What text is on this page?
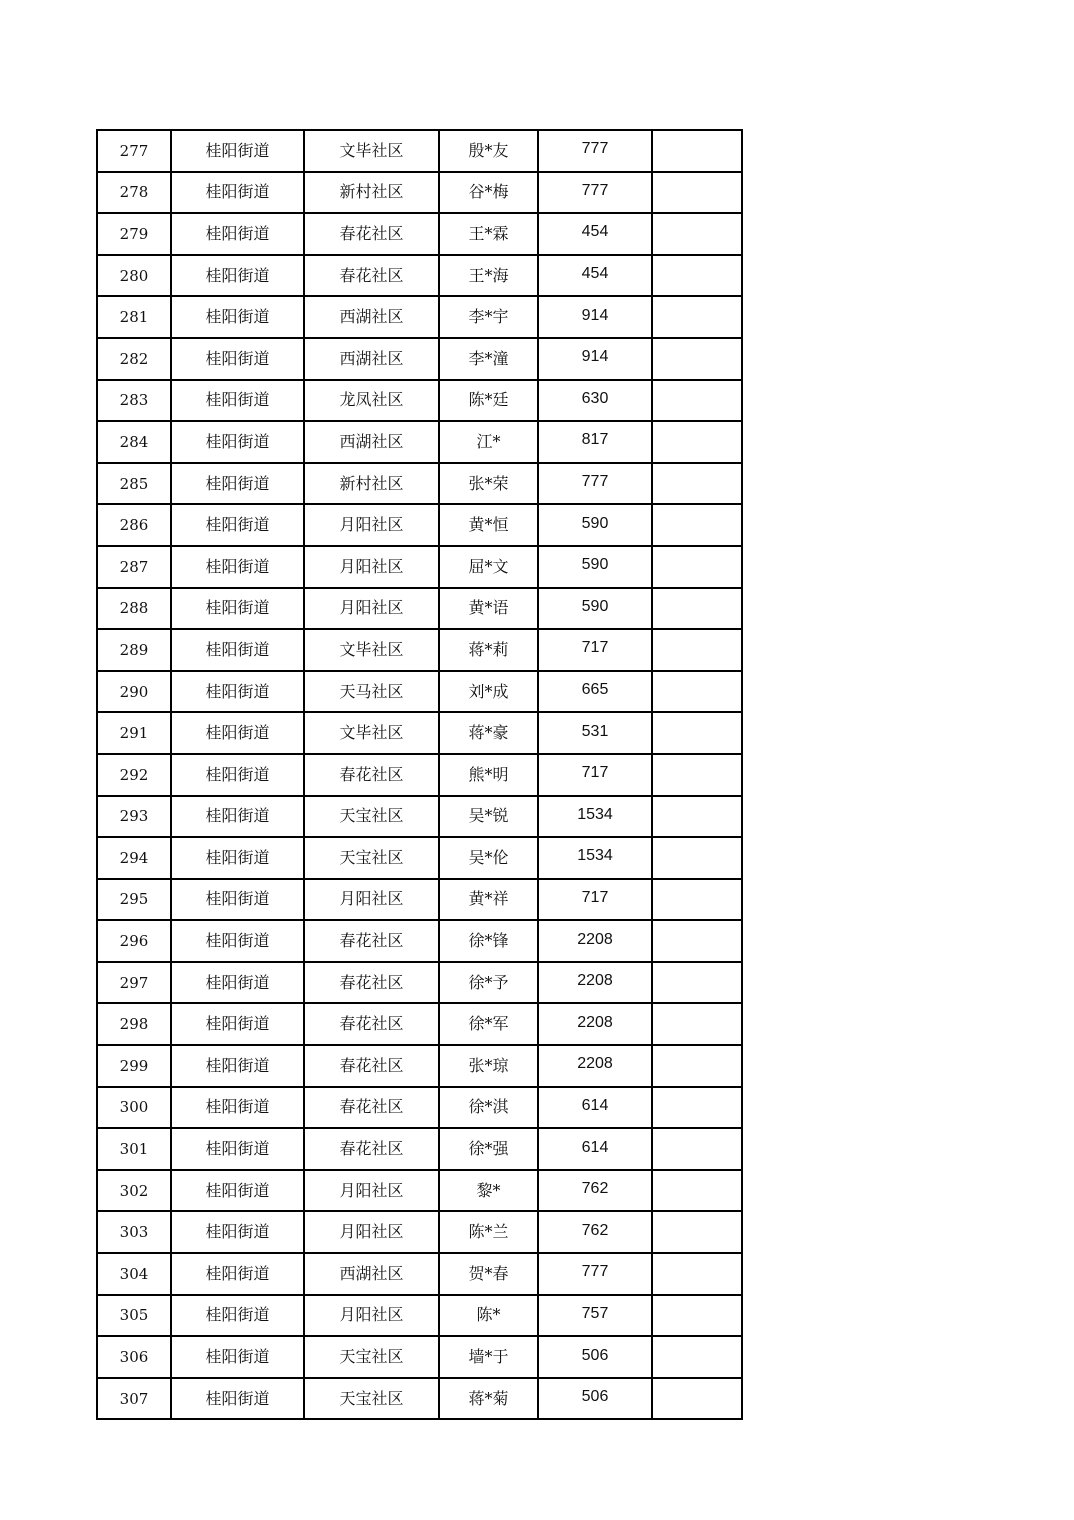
277	桂阳街道	文毕社区	殷*友	777	
278	桂阳街道	新村社区	谷*梅	777	
279	桂阳街道	春花社区	王*霖	454	
280	桂阳街道	春花社区	王*海	454	
281	桂阳街道	西湖社区	李*宇	914	
282	桂阳街道	西湖社区	李*潼	914	
283	桂阳街道	龙凤社区	陈*廷	630	
284	桂阳街道	西湖社区	江*	817	
285	桂阳街道	新村社区	张*荣	777	
286	桂阳街道	月阳社区	黄*恒	590	
287	桂阳街道	月阳社区	屈*文	590	
288	桂阳街道	月阳社区	黄*语	590	
289	桂阳街道	文毕社区	蒋*莉	717	
290	桂阳街道	天马社区	刘*成	665	
291	桂阳街道	文毕社区	蒋*豪	531	
292	桂阳街道	春花社区	熊*明	717	
293	桂阳街道	天宝社区	吴*锐	1534	
294	桂阳街道	天宝社区	吴*伦	1534	
295	桂阳街道	月阳社区	黄*祥	717	
296	桂阳街道	春花社区	徐*锋	2208	
297	桂阳街道	春花社区	徐*予	2208	
298	桂阳街道	春花社区	徐*军	2208	
299	桂阳街道	春花社区	张*琼	2208	
300	桂阳街道	春花社区	徐*淇	614	
301	桂阳街道	春花社区	徐*强	614	
302	桂阳街道	月阳社区	黎*	762	
303	桂阳街道	月阳社区	陈*兰	762	
304	桂阳街道	西湖社区	贺*春	777	
305	桂阳街道	月阳社区	陈*	757	
306	桂阳街道	天宝社区	墙*于	506	
307	桂阳街道	天宝社区	蒋*菊	506	
